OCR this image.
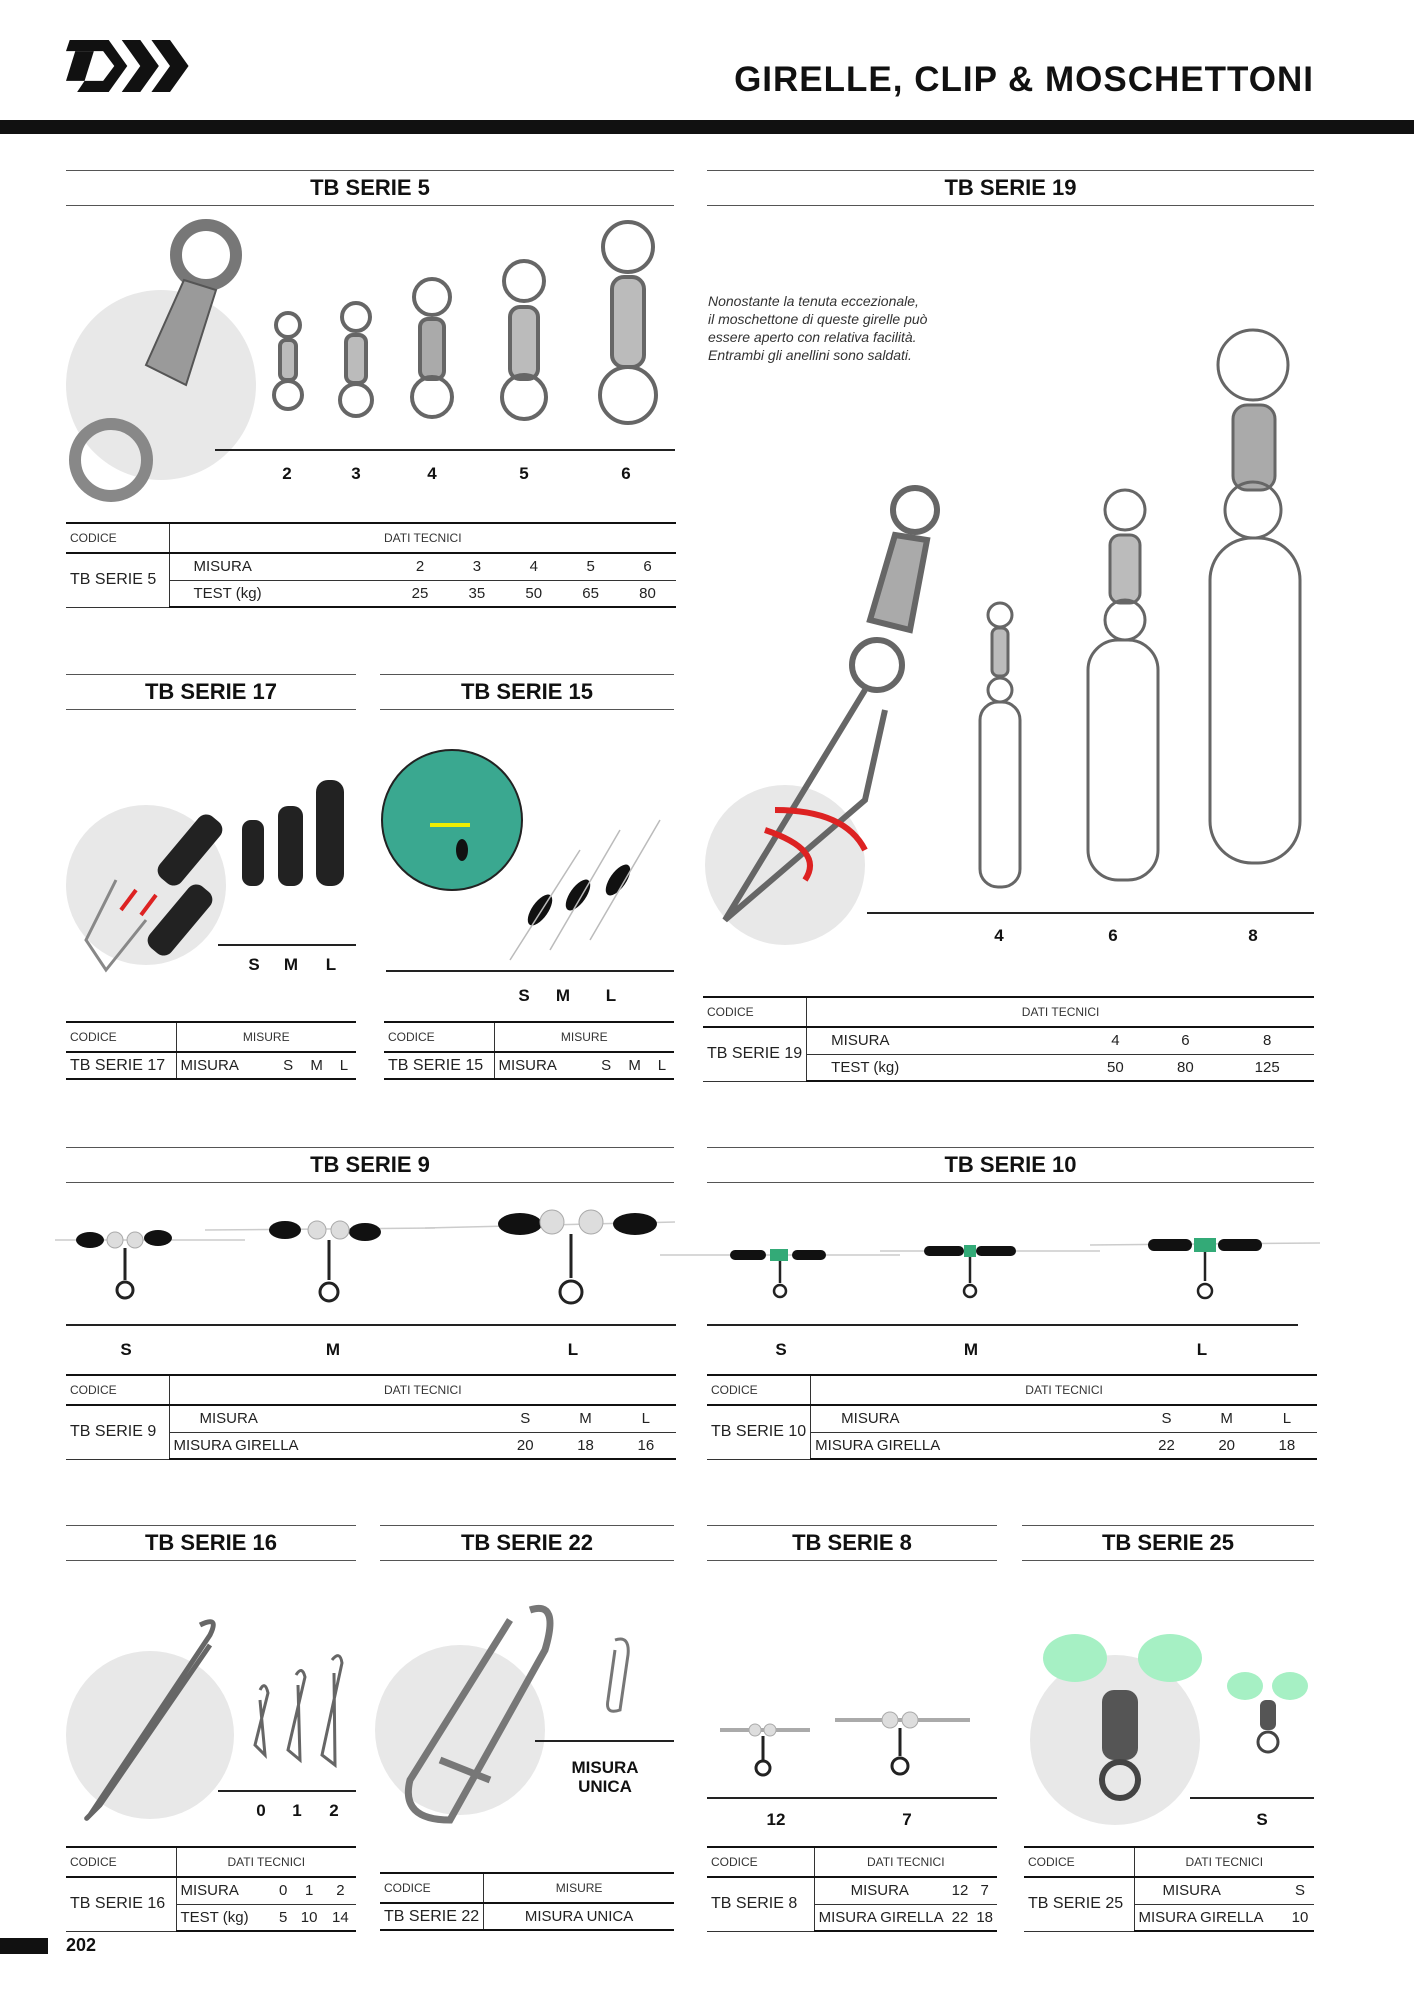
GIRELLE, CLIP & MOSCHETTONI
TB SERIE 5
2	3	4	5	6
CODICE	DATI TECNICI					
TB SERIE 5	MISURA	2	3	4	5	6
	TEST (kg)	25	35	50	65	80
TB SERIE 19
Nonostante la tenuta eccezionale,
il moschettone di queste girelle può
essere aperto con relativa facilità.
Entrambi gli anellini sono saldati.
4	6	8
CODICE	DATI TECNICI			
TB SERIE 19	MISURA	4	6	8
	TEST (kg)	50	80	125
TB SERIE 17
S	M	L
CODICE	MISURE			
TB SERIE 17	MISURA	S	M	L
TB SERIE 15
S	M	L
CODICE	MISURE			
TB SERIE 15	MISURA	S	M	L
TB SERIE 9
S	M	L
CODICE	DATI TECNICI			
TB SERIE 9	MISURA	S	M	L
	MISURA GIRELLA	20	18	16
TB SERIE 10
S	M	L
CODICE	DATI TECNICI			
TB SERIE 10	MISURA	S	M	L
	MISURA GIRELLA	22	20	18
TB SERIE 16
0	1	2
CODICE	DATI TECNICI			
TB SERIE 16	MISURA	0	1	2
	TEST (kg)	5	10	14
TB SERIE 22
MISURA UNICA
CODICE	MISURE
TB SERIE 22	MISURA UNICA
TB SERIE 8
12	7
CODICE	DATI TECNICI		
TB SERIE 8	MISURA	12	7
	MISURA GIRELLA	22	18
TB SERIE 25
S
CODICE	DATI TECNICI	
TB SERIE 25	MISURA	S
	MISURA GIRELLA	10
202
